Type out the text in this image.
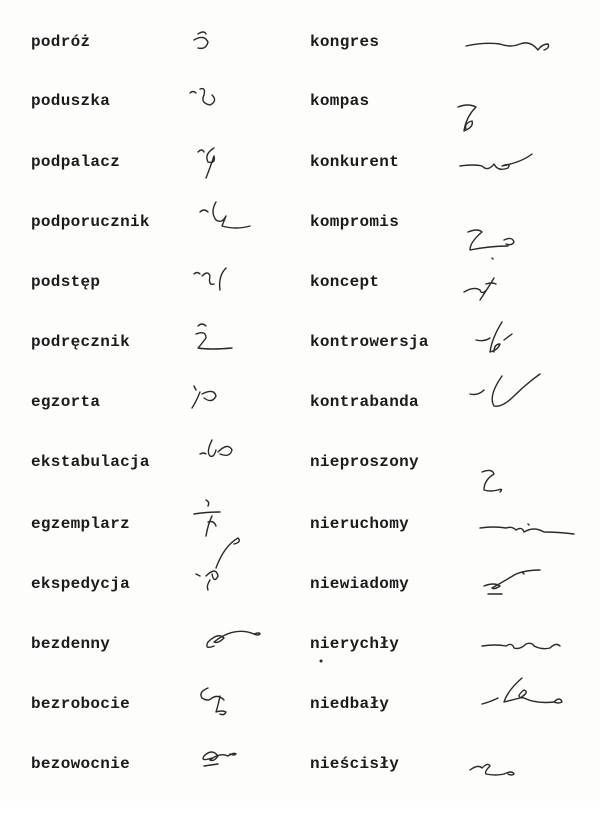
podróż
poduszka
podpalacz
podporucznik
podstęp
podręcznik
egzorta
ekstabulacja
egzemplarz
ekspedycja
bezdenny
bezrobocie
bezowocnie
kongres
kompas
konkurent
kompromis
koncept
kontrowersja
kontrabanda
nieproszony
nieruchomy
niewiadomy
nierychły
niedbały
nieścisły
